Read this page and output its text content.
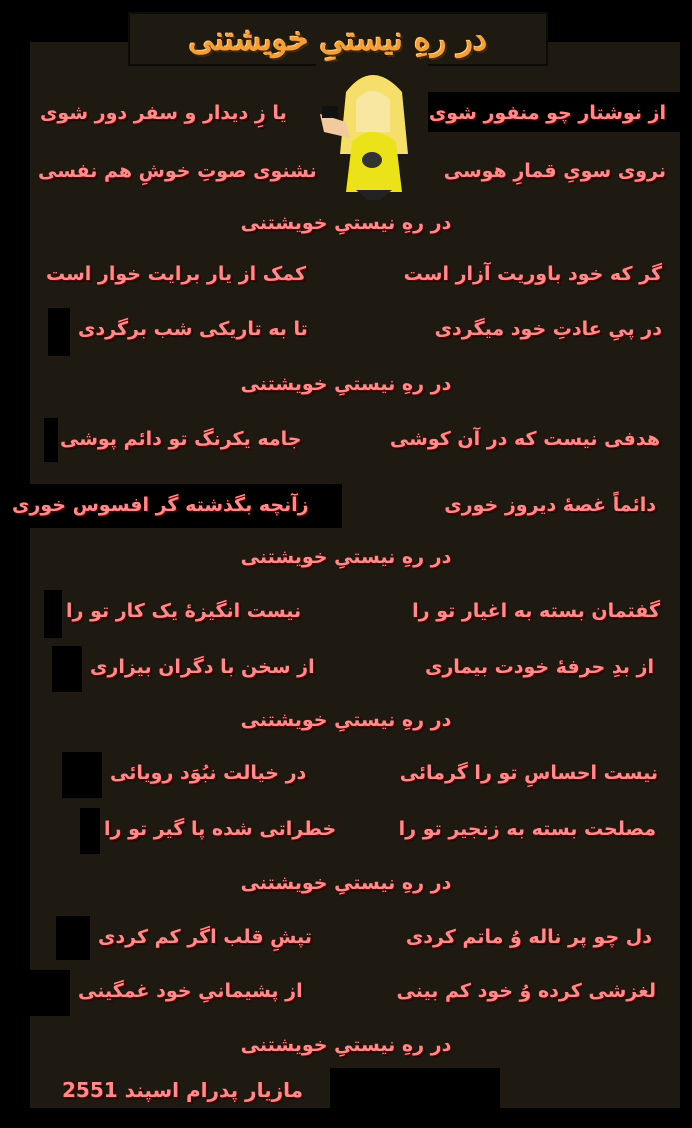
در رهِ نیستیِ خویشتنی
از نوشتار چو منفور شوی
یا زِ دیدار و سفر دور شوی
نروی سویِ قمارِ هوسی
نشنوی صوتِ خوشِ هم نفسی
در رهِ نیستیِ خویشتنی
گر که خود باوریت آزار است
کمک از یار برایت خوار است
در پیِ عادتِ خود میگردی
تا به تاریکی شب برگردی
در رهِ نیستیِ خویشتنی
هدفی نیست که در آن کوشی
جامه یکرنگ تو دائم پوشی
دائماً غصهٔ دیروز خوری
زآنچه بگذشته گر افسوس خوری
در رهِ نیستیِ خویشتنی
گفتمان بسته به اغیار تو را
نیست انگیزهٔ یک کار تو را
از بدِ حرفهٔ خودت بیماری
از سخن با دگران بیزاری
در رهِ نیستیِ خویشتنی
نیست احساسِ تو را گرمائی
در خیالت نبُوَد رویائی
مصلحت بسته به زنجیر تو را
خطراتی شده پا گیر تو را
در رهِ نیستیِ خویشتنی
دل چو پر ناله وُ ماتم کردی
تپشِ قلب اگر کم کردی
لغزشی کرده وُ خود کم بینی
از پشیمانیِ خود غمگینی
در رهِ نیستیِ خویشتنی
مازیار پدرام اسپند 2551
